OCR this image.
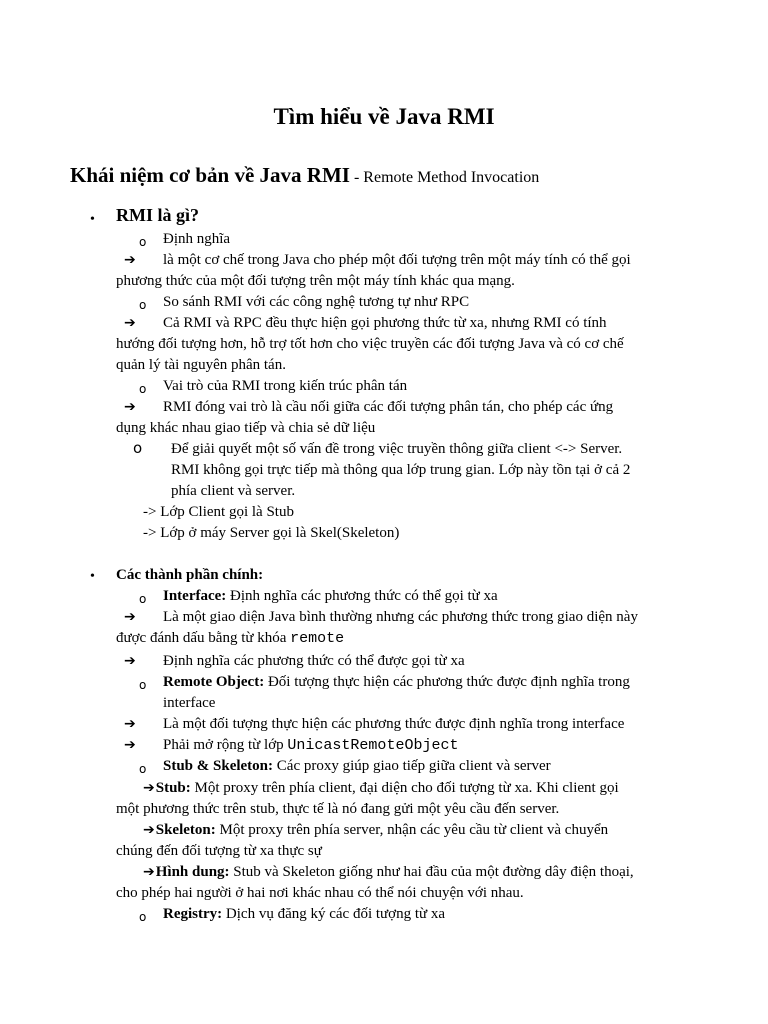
Tìm hiểu về Java RMI
Khái niệm cơ bản về Java RMI - Remote Method Invocation
• RMI là gì?
o Định nghĩa
➔ là một cơ chế trong Java cho phép một đối tượng trên một máy tính có thể gọi
phương thức của một đối tượng trên một máy tính khác qua mạng.
o So sánh RMI với các công nghệ tương tự như RPC
➔ Cả RMI và RPC đều thực hiện gọi phương thức từ xa, nhưng RMI có tính
hướng đối tượng hơn, hỗ trợ tốt hơn cho việc truyền các đối tượng Java và có cơ chế
quản lý tài nguyên phân tán.
o Vai trò của RMI trong kiến trúc phân tán
➔ RMI đóng vai trò là cầu nối giữa các đối tượng phân tán, cho phép các ứng
dụng khác nhau giao tiếp và chia sẻ dữ liệu
o Để giải quyết một số vấn đề trong việc truyền thông giữa client <-> Server.
RMI không gọi trực tiếp mà thông qua lớp trung gian. Lớp này tồn tại ở cả 2
phía client và server.
-> Lớp Client gọi là Stub
-> Lớp ở máy Server gọi là Skel(Skeleton)
• Các thành phần chính:
o Interface: Định nghĩa các phương thức có thể gọi từ xa
➔ Là một giao diện Java bình thường nhưng các phương thức trong giao diện này
được đánh dấu bằng từ khóa remote
➔ Định nghĩa các phương thức có thể được gọi từ xa
o Remote Object: Đối tượng thực hiện các phương thức được định nghĩa trong
interface
➔ Là một đối tượng thực hiện các phương thức được định nghĩa trong interface
➔ Phải mở rộng từ lớp UnicastRemoteObject
o Stub & Skeleton: Các proxy giúp giao tiếp giữa client và server
➔Stub: Một proxy trên phía client, đại diện cho đối tượng từ xa. Khi client gọi
một phương thức trên stub, thực tế là nó đang gửi một yêu cầu đến server.
➔Skeleton: Một proxy trên phía server, nhận các yêu cầu từ client và chuyển
chúng đến đối tượng từ xa thực sự
➔Hình dung: Stub và Skeleton giống như hai đầu của một đường dây điện thoại,
cho phép hai người ở hai nơi khác nhau có thể nói chuyện với nhau.
o Registry: Dịch vụ đăng ký các đối tượng từ xa
